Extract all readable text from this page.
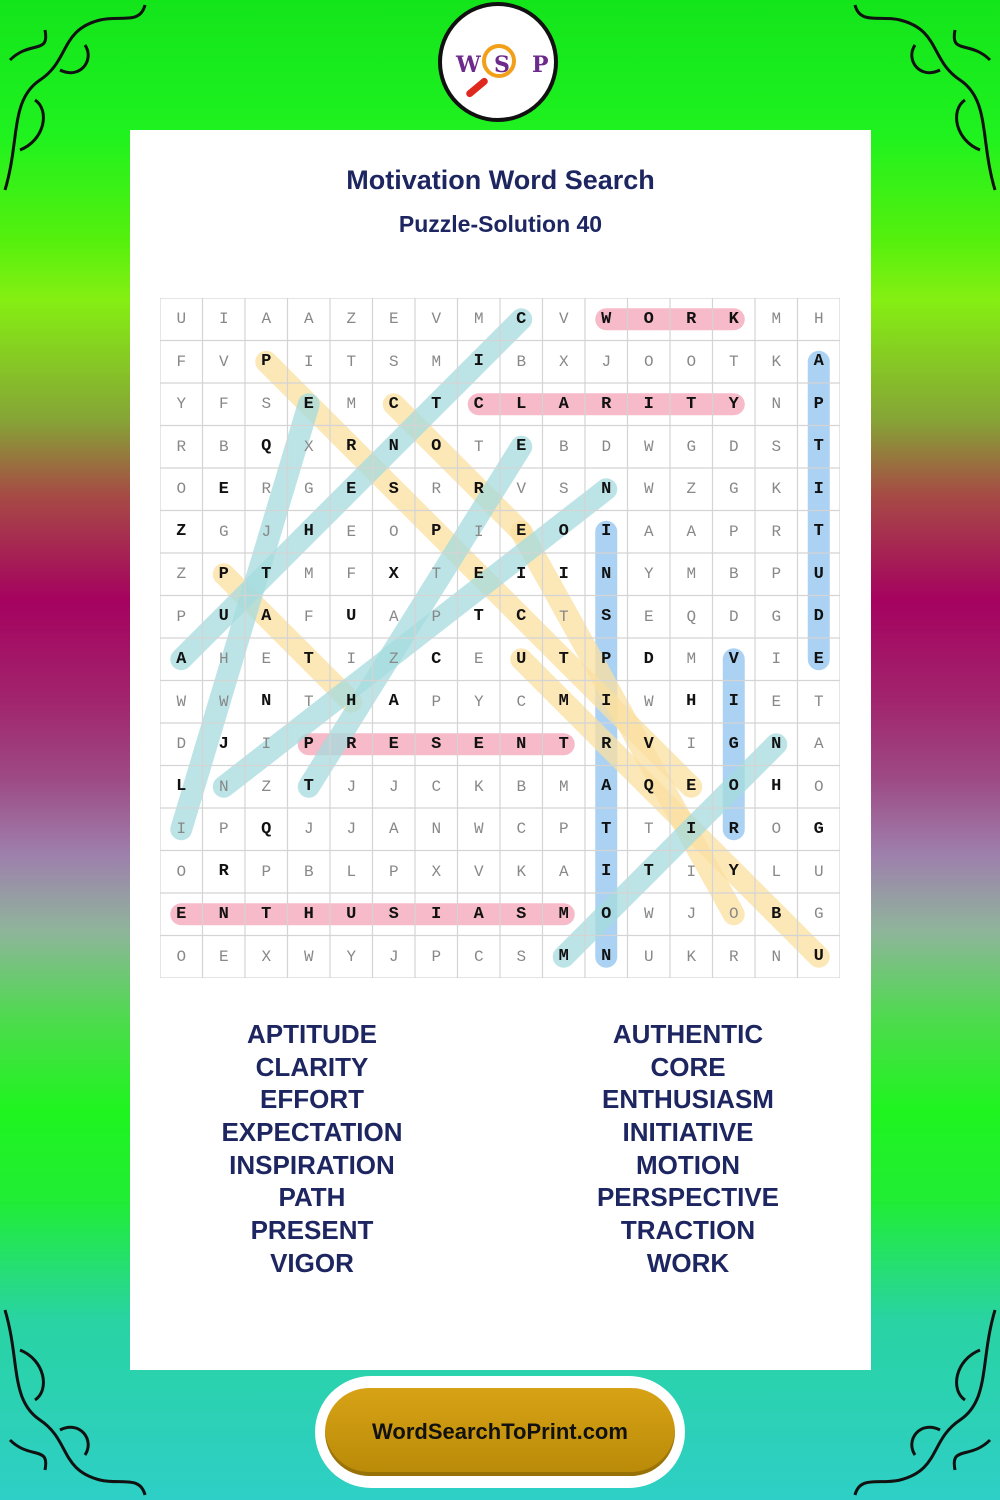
W S P
Motivation Word Search
Puzzle-Solution 40
U	I	A	A	Z	E	V	M	C	V	W	O	R	K	M	H
F	V	P	I	T	S	M	I	B	X	J	O	O	T	K	A
Y	F	S	E	M	C	T	C	L	A	R	I	T	Y	N	P
R	B	Q	X	R	N	O	T	E	B	D	W	G	D	S	T
O	E	R	G	E	S	R	R	V	S	N	W	Z	G	K	I
Z	G	J	H	E	O	P	I	E	O	I	A	A	P	R	T
Z	P	T	M	F	X	T	E	I	I	N	Y	M	B	P	U
P	U	A	F	U	A	P	T	C	T	S	E	Q	D	G	D
A	H	E	T	I	Z	C	E	U	T	P	D	M	V	I	E
W	W	N	T	H	A	P	Y	C	M	I	W	H	I	E	T
D	J	I	P	R	E	S	E	N	T	R	V	I	G	N	A
L	N	Z	T	J	J	C	K	B	M	A	Q	E	O	H	O
I	P	Q	J	J	A	N	W	C	P	T	T	I	R	O	G
O	R	P	B	L	P	X	V	K	A	I	T	I	Y	L	U
E	N	T	H	U	S	I	A	S	M	O	W	J	O	B	G
O	E	X	W	Y	J	P	C	S	M	N	U	K	R	N	U
APTITUDE
CLARITY
EFFORT
EXPECTATION
INSPIRATION
PATH
PRESENT
VIGOR
AUTHENTIC
CORE
ENTHUSIASM
INITIATIVE
MOTION
PERSPECTIVE
TRACTION
WORK
WordSearchToPrint.com
